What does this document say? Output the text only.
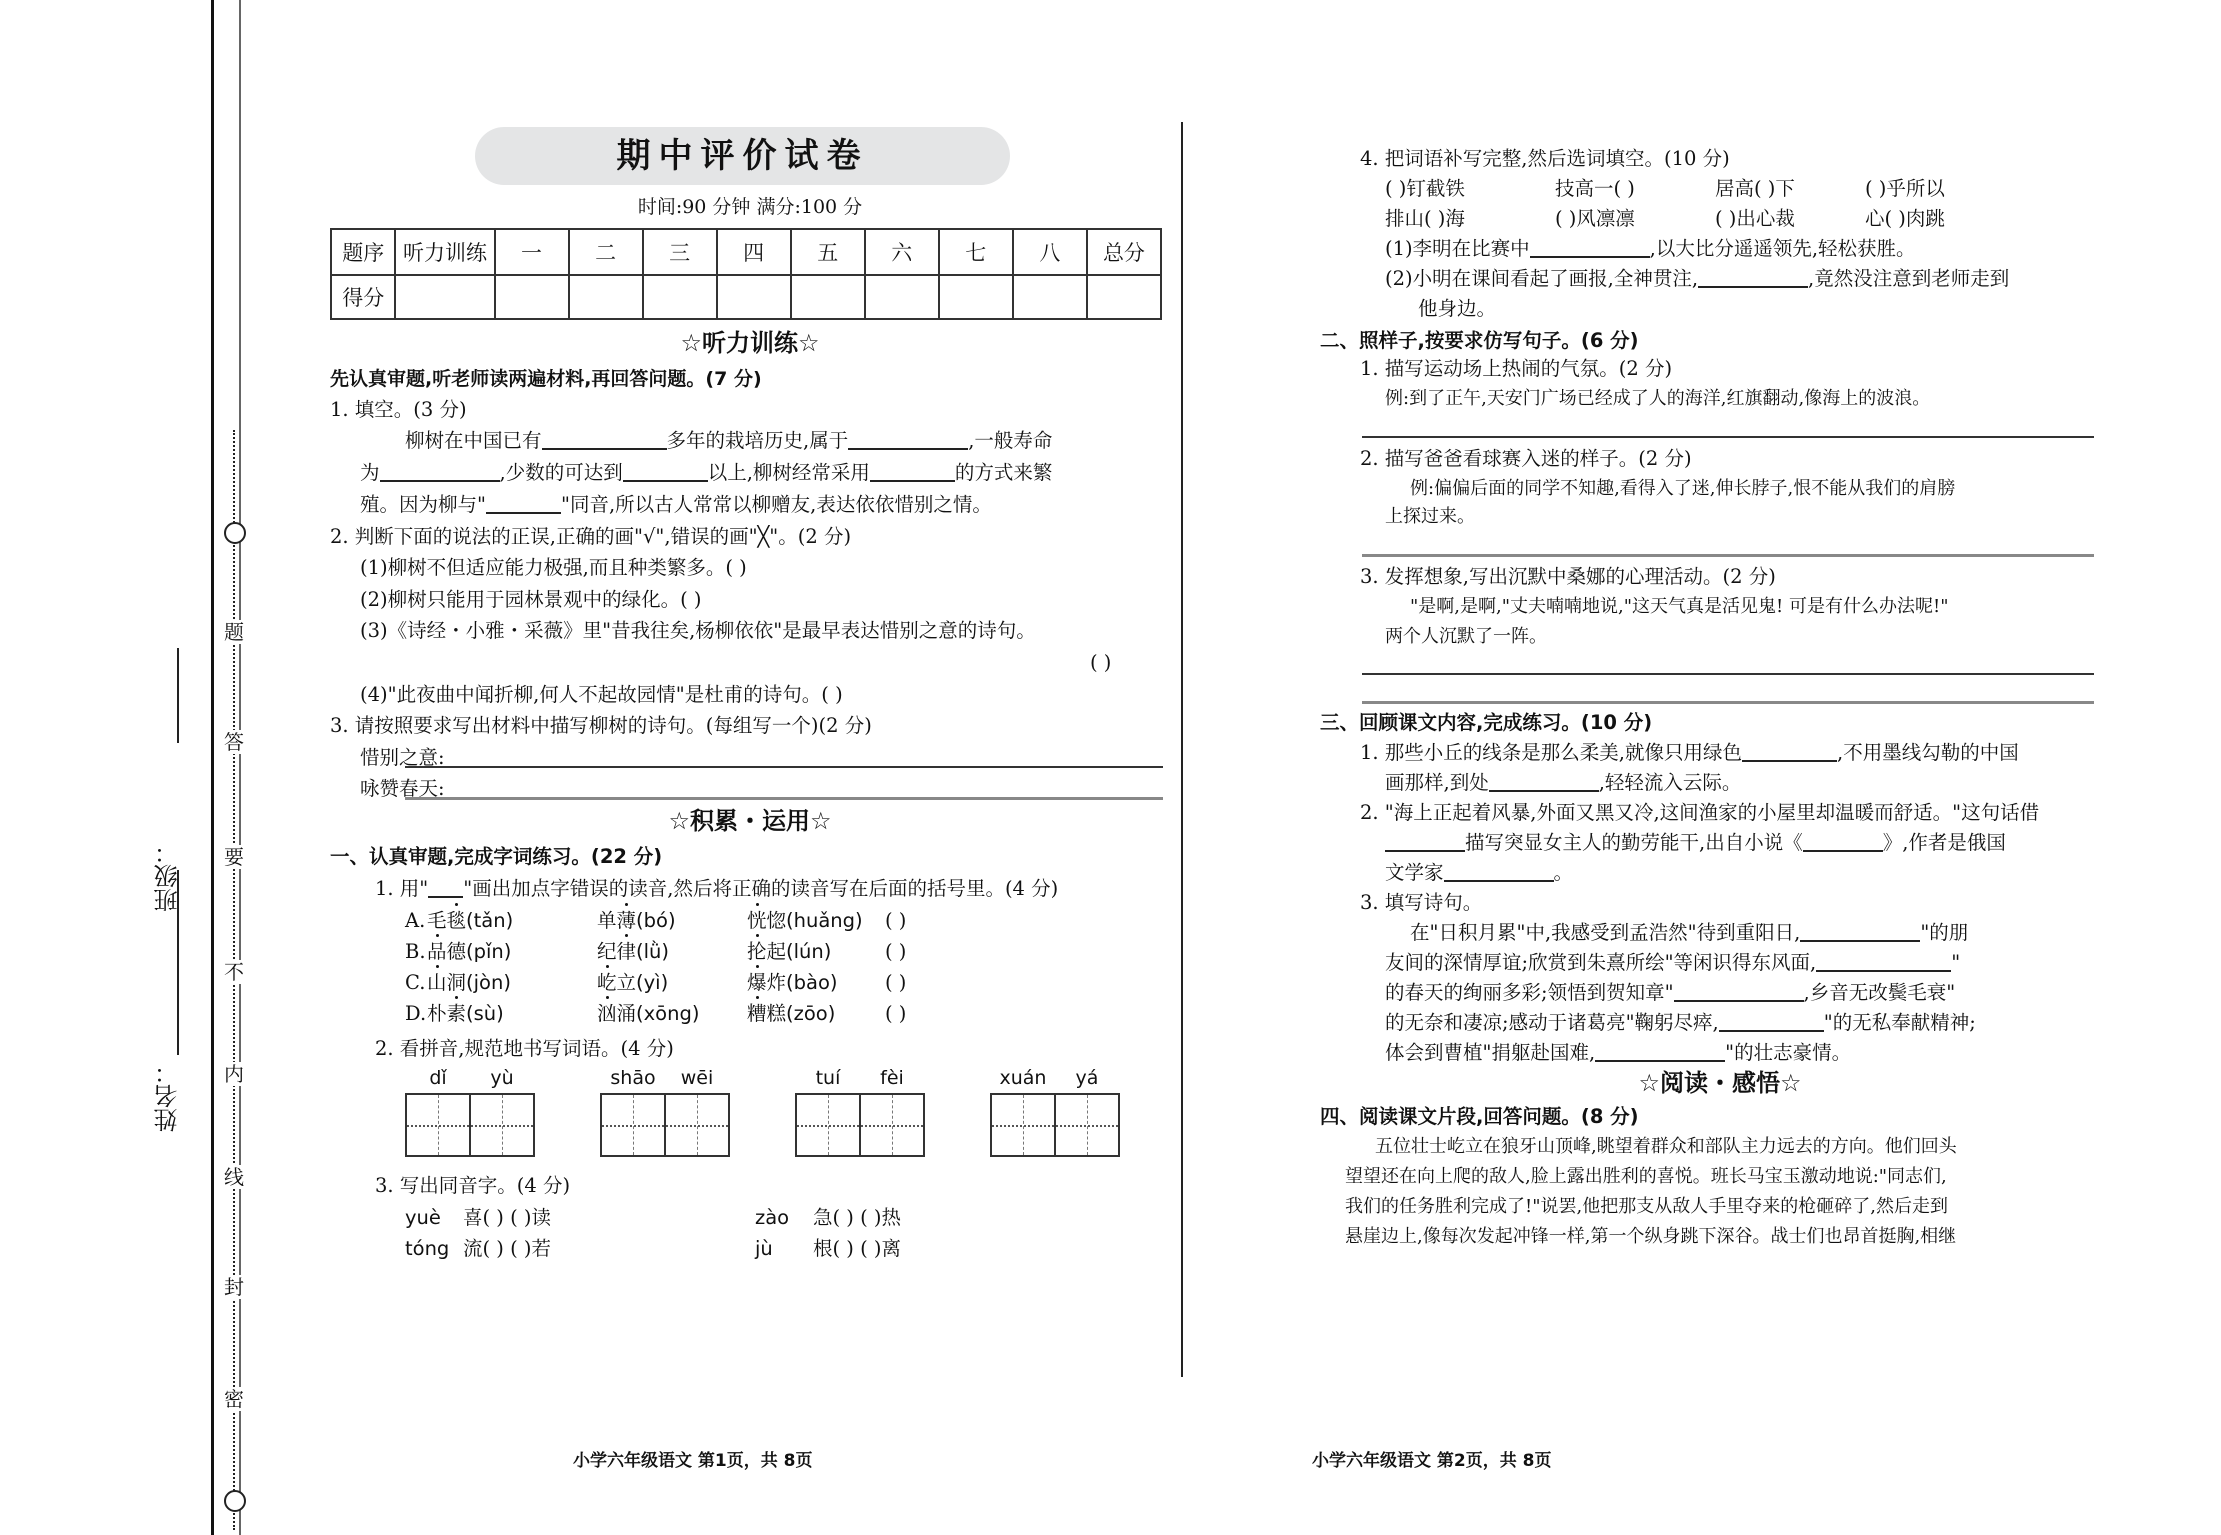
题
答
要
不
内
线
封
密
班级：
姓名：
期中评价试卷
时间:90 分钟 满分:100 分
题序	听力训练	一	二	三	四	五	六	七	八	总分
得分										
☆听力训练☆
先认真审题,听老师读两遍材料,再回答问题。(7 分)
1. 填空。(3 分)
柳树在中国已有	多年的栽培历史,属于	,一般寿命
为	,少数的可达到	以上,柳树经常采用	的方式来繁
殖。因为柳与"	"同音,所以古人常常以柳赠友,表达依依惜别之情。
2. 判断下面的说法的正误,正确的画"√",错误的画"╳"。(2 分)
(1)柳树不但适应能力极强,而且种类繁多。( )
(2)柳树只能用于园林景观中的绿化。( )
(3)《诗经・小雅・采薇》里"昔我往矣,杨柳依依"是最早表达惜别之意的诗句。
( )
(4)"此夜曲中闻折柳,何人不起故园情"是杜甫的诗句。( )
3. 请按照要求写出材料中描写柳树的诗句。(每组写一个)(2 分)
惜别之意:
咏赞春天:
☆积累・运用☆
一、认真审题,完成字词练习。(22 分)
1. 用" "画出加点字错误的读音,然后将正确的读音写在后面的括号里。(4 分)
A. 毛毯(tǎn)	单薄(bó)	恍惚(huǎng) ( )
B. 品德(pǐn)	纪律(lǜ)	抡起(lún)	( )
C. 山洞(jòn)	屹立(yì)	爆炸(bào) ( )
D. 朴素(sù)	汹涌(xōng) 糟糕(zōo)	( )
2. 看拼音,规范地书写词语。(4 分)
dǐ	yù	shāo	wēi	tuí	fèi	xuán	yá
3. 写出同音字。(4 分)
yuè 喜( ) ( )读	zào 急( ) ( )热
tóng 流( ) ( )若	jù 根( ) ( )离
小学六年级语文 第1页，共 8页
4. 把词语补写完整,然后选词填空。(10 分)
( )钉截铁	技高一( )	居高( )下	( )乎所以
排山( )海	( )风凛凛	( )出心裁	心( )肉跳
(1)李明在比赛中	,以大比分遥遥领先,轻松获胜。
(2)小明在课间看起了画报,全神贯注,	,竟然没注意到老师走到
他身边。
二、照样子,按要求仿写句子。(6 分)
1. 描写运动场上热闹的气氛。(2 分)
例:到了正午,天安门广场已经成了人的海洋,红旗翻动,像海上的波浪。
2. 描写爸爸看球赛入迷的样子。(2 分)
例:偏偏后面的同学不知趣,看得入了迷,伸长脖子,恨不能从我们的肩膀
上探过来。
3. 发挥想象,写出沉默中桑娜的心理活动。(2 分)
"是啊,是啊,"丈夫喃喃地说,"这天气真是活见鬼! 可是有什么办法呢!"
两个人沉默了一阵。
三、回顾课文内容,完成练习。(10 分)
1. 那些小丘的线条是那么柔美,就像只用绿色	,不用墨线勾勒的中国
画那样,到处	,轻轻流入云际。
2. "海上正起着风暴,外面又黑又冷,这间渔家的小屋里却温暖而舒适。"这句话借
描写突显女主人的勤劳能干,出自小说《	》,作者是俄国
文学家	。
3. 填写诗句。
在"日积月累"中,我感受到孟浩然"待到重阳日,	"的朋
友间的深情厚谊;欣赏到朱熹所绘"等闲识得东风面,	"
的春天的绚丽多彩;领悟到贺知章"	,乡音无改鬓毛衰"
的无奈和凄凉;感动于诸葛亮"鞠躬尽瘁,	"的无私奉献精神;
体会到曹植"捐躯赴国难,	"的壮志豪情。
☆阅读・感悟☆
四、阅读课文片段,回答问题。(8 分)
五位壮士屹立在狼牙山顶峰,眺望着群众和部队主力远去的方向。他们回头
望望还在向上爬的敌人,脸上露出胜利的喜悦。班长马宝玉激动地说:"同志们,
我们的任务胜利完成了!"说罢,他把那支从敌人手里夺来的枪砸碎了,然后走到
悬崖边上,像每次发起冲锋一样,第一个纵身跳下深谷。战士们也昂首挺胸,相继
小学六年级语文 第2页，共 8页
